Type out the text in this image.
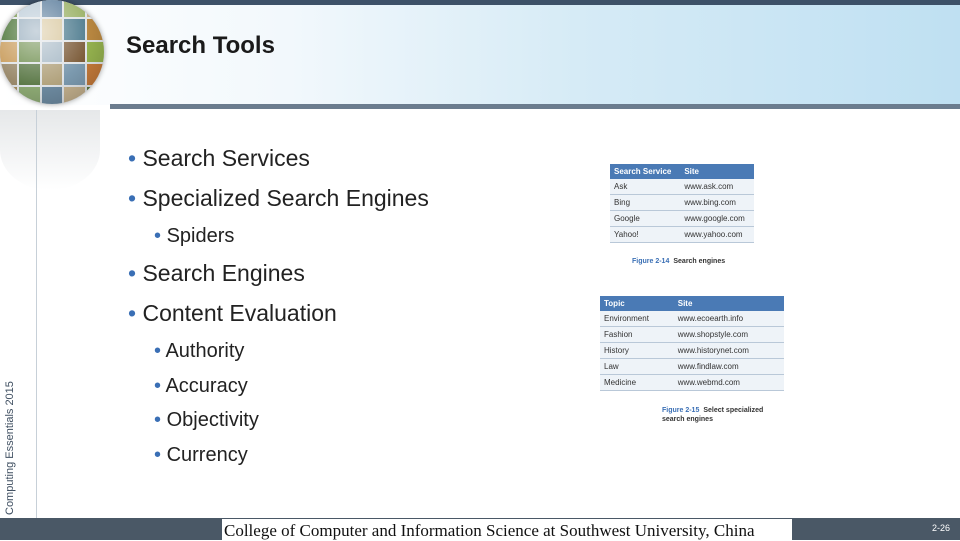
Search Tools
Computing Essentials 2015
• Search Services
• Specialized Search Engines
• Spiders
• Search Engines
• Content Evaluation
• Authority
• Accuracy
• Objectivity
• Currency
Search Service	Site
Ask	www.ask.com
Bing	www.bing.com
Google	www.google.com
Yahoo!	www.yahoo.com
Figure 2-14 Search engines
Topic	Site
Environment	www.ecoearth.info
Fashion	www.shopstyle.com
History	www.historynet.com
Law	www.findlaw.com
Medicine	www.webmd.com
Figure 2-15 Select specialized search engines
College of Computer and Information Science at Southwest University, China	2-26
